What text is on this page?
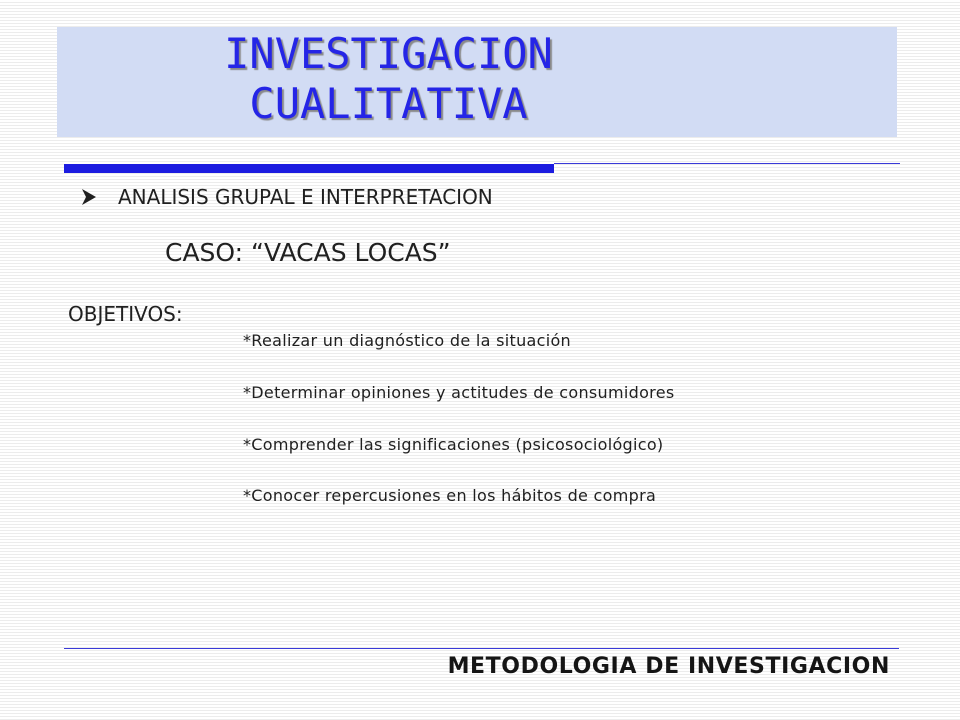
INVESTIGACION
CUALITATIVA
ANALISIS GRUPAL E INTERPRETACION
CASO: “VACAS LOCAS”
OBJETIVOS:
*Realizar un diagnóstico de la situación
*Determinar opiniones y actitudes de consumidores
*Comprender las significaciones (psicosociológico)
*Conocer repercusiones en los hábitos de compra
METODOLOGIA DE INVESTIGACION
